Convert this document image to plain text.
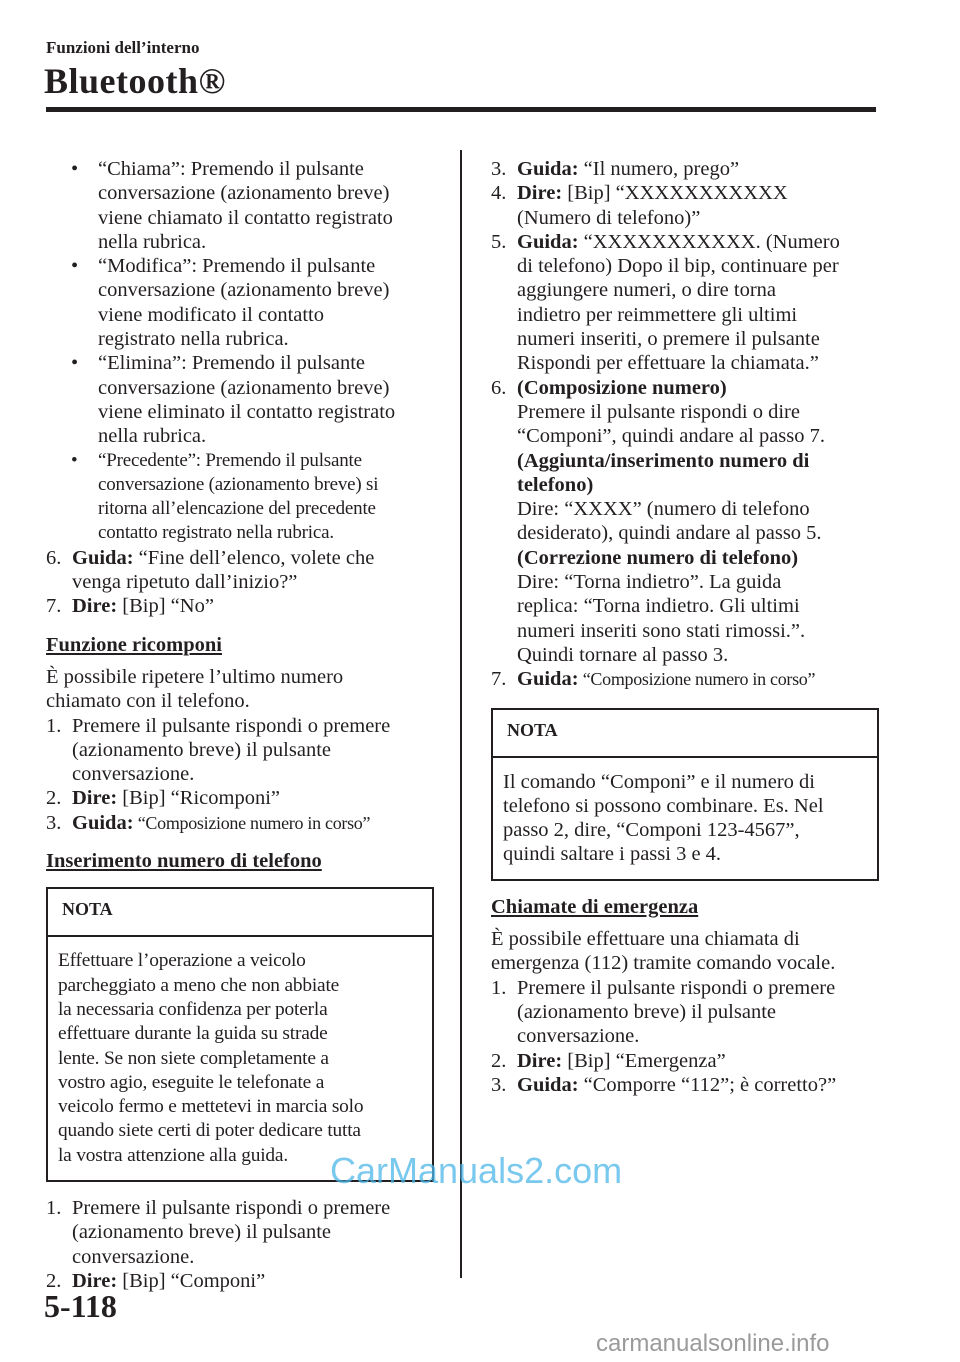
Funzioni dell’interno
Bluetooth®
• “Chiama”: Premendo il pulsante
conversazione (azionamento breve)
viene chiamato il contatto registrato
nella rubrica.
• “Modifica”: Premendo il pulsante
conversazione (azionamento breve)
viene modificato il contatto
registrato nella rubrica.
• “Elimina”: Premendo il pulsante
conversazione (azionamento breve)
viene eliminato il contatto registrato
nella rubrica.
• “Precedente”: Premendo il pulsante
conversazione (azionamento breve) si
ritorna all’elencazione del precedente
contatto registrato nella rubrica.
6. Guida: “Fine dell’elenco, volete che
venga ripetuto dall’inizio?”
7. Dire: [Bip] “No”
Funzione ricomponi
È possibile ripetere l’ultimo numero
chiamato con il telefono.
1. Premere il pulsante rispondi o premere
(azionamento breve) il pulsante
conversazione.
2. Dire: [Bip] “Ricomponi”
3. Guida: “Composizione numero in corso”
Inserimento numero di telefono
NOTA
Effettuare l’operazione a veicolo
parcheggiato a meno che non abbiate
la necessaria confidenza per poterla
effettuare durante la guida su strade
lente. Se non siete completamente a
vostro agio, eseguite le telefonate a
veicolo fermo e mettetevi in marcia solo
quando siete certi di poter dedicare tutta
la vostra attenzione alla guida.
1. Premere il pulsante rispondi o premere
(azionamento breve) il pulsante
conversazione.
2. Dire: [Bip] “Componi”
3. Guida: “Il numero, prego”
4. Dire: [Bip] “XXXXXXXXXXX
(Numero di telefono)”
5. Guida: “XXXXXXXXXXX. (Numero
di telefono) Dopo il bip, continuare per
aggiungere numeri, o dire torna
indietro per reimmettere gli ultimi
numeri inseriti, o premere il pulsante
Rispondi per effettuare la chiamata.”
6. (Composizione numero)
Premere il pulsante rispondi o dire
“Componi”, quindi andare al passo 7.
(Aggiunta/inserimento numero di
telefono)
Dire: “XXXX” (numero di telefono
desiderato), quindi andare al passo 5.
(Correzione numero di telefono)
Dire: “Torna indietro”. La guida
replica: “Torna indietro. Gli ultimi
numeri inseriti sono stati rimossi.”.
Quindi tornare al passo 3.
7. Guida: “Composizione numero in corso”
NOTA
Il comando “Componi” e il numero di
telefono si possono combinare. Es. Nel
passo 2, dire, “Componi 123-4567”,
quindi saltare i passi 3 e 4.
Chiamate di emergenza
È possibile effettuare una chiamata di
emergenza (112) tramite comando vocale.
1. Premere il pulsante rispondi o premere
(azionamento breve) il pulsante
conversazione.
2. Dire: [Bip] “Emergenza”
3. Guida: “Comporre “112”; è corretto?”
CarManuals2.com
5-118
carmanualsonline.info
